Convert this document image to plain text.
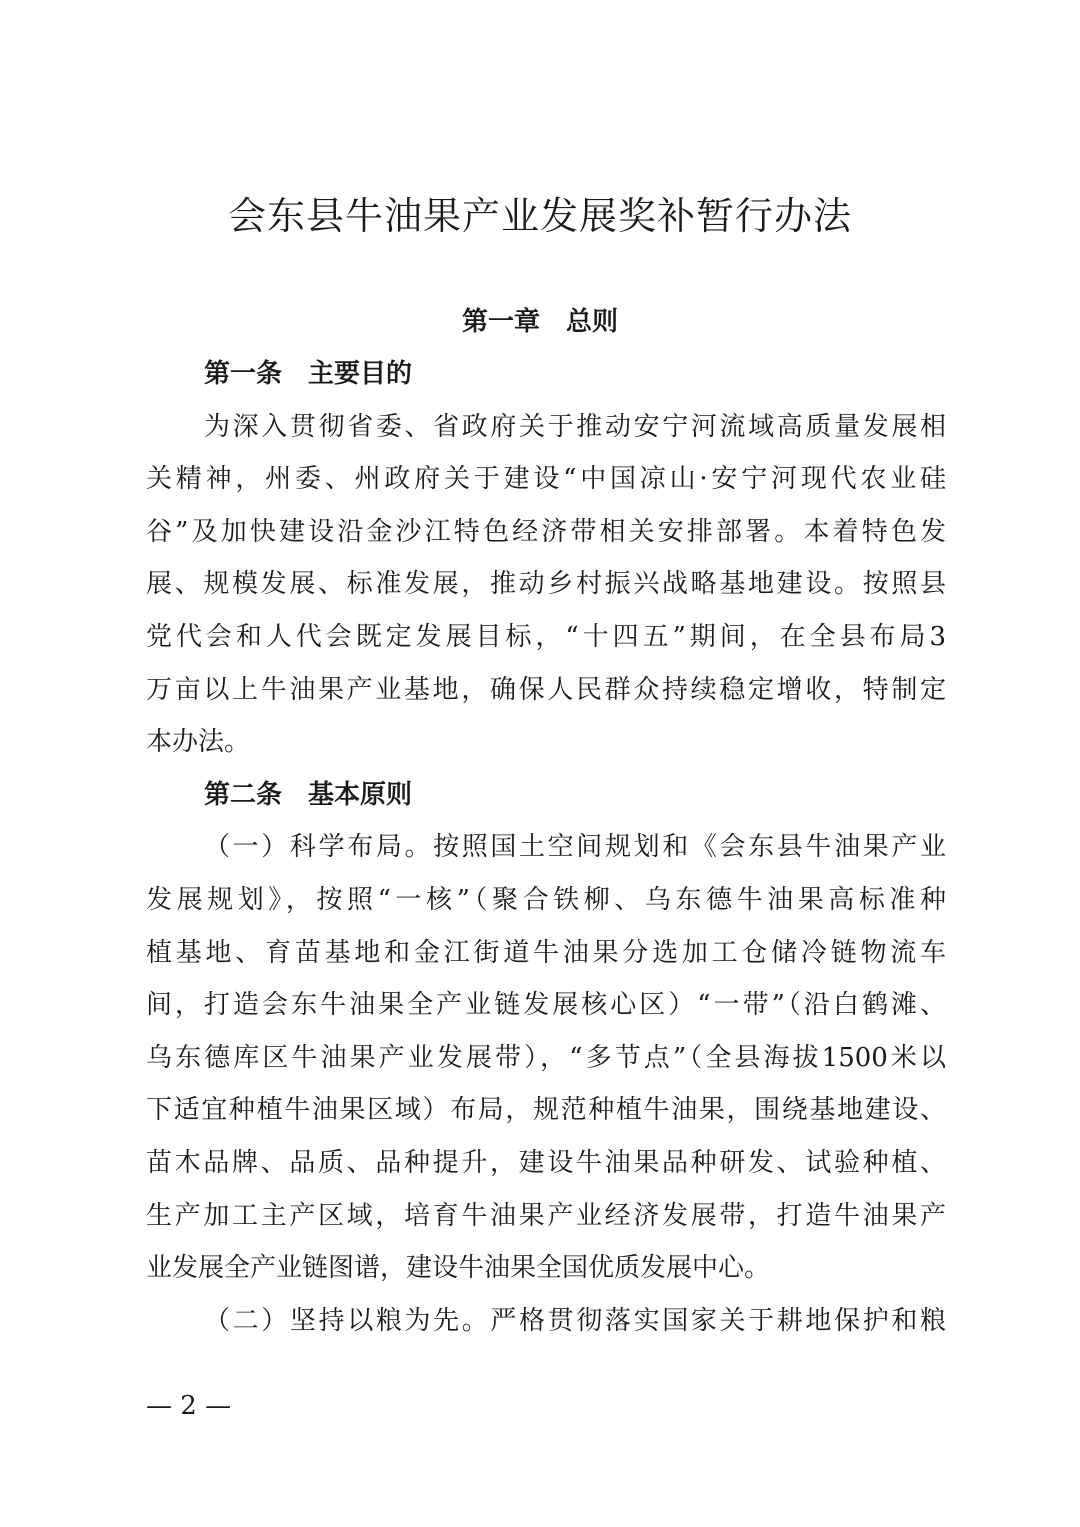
会东县牛油果产业发展奖补暂行办法
第一章　总则
第一条　主要目的
为深入贯彻省委、省政府关于推动安宁河流域高质量发展相
关精神，州委、州政府关于建设“中国凉山·安宁河现代农业硅
谷”及加快建设沿金沙江特色经济带相关安排部署。本着特色发
展、规模发展、标准发展，推动乡村振兴战略基地建设。按照县
党代会和人代会既定发展目标，“十四五”期间，在全县布局3
万亩以上牛油果产业基地，确保人民群众持续稳定增收，特制定
本办法。
第二条　基本原则
（一）科学布局。按照国土空间规划和《会东县牛油果产业
发展规划》，按照“一核”（聚合铁柳、乌东德牛油果高标准种
植基地、育苗基地和金江街道牛油果分选加工仓储冷链物流车
间，打造会东牛油果全产业链发展核心区）“一带”（沿白鹤滩、
乌东德库区牛油果产业发展带），“多节点”（全县海拔1500米以
下适宜种植牛油果区域）布局，规范种植牛油果，围绕基地建设、
苗木品牌、品质、品种提升，建设牛油果品种研发、试验种植、
生产加工主产区域，培育牛油果产业经济发展带，打造牛油果产
业发展全产业链图谱，建设牛油果全国优质发展中心。
（二）坚持以粮为先。严格贯彻落实国家关于耕地保护和粮
— 2 —
